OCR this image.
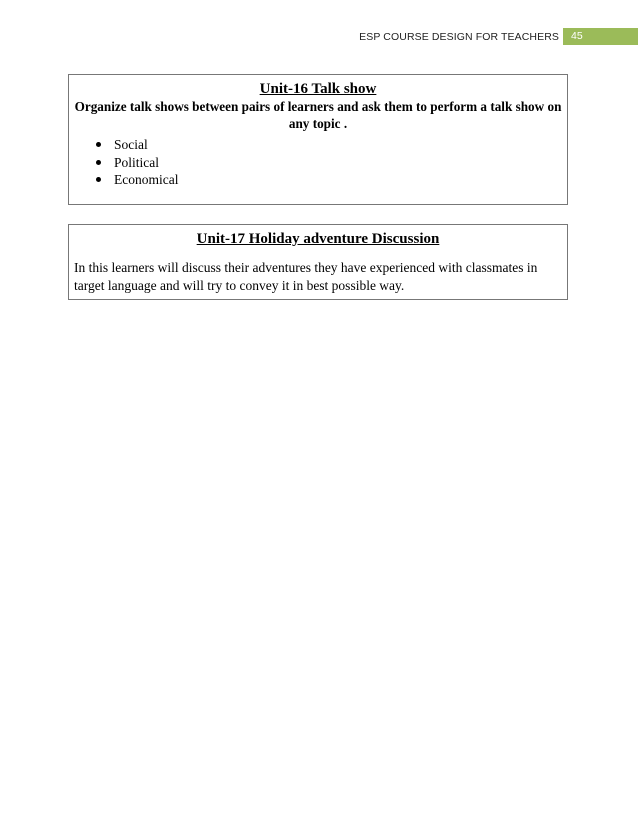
ESP COURSE DESIGN FOR TEACHERS	45
Unit-16 Talk show

Organize talk shows between pairs of learners and ask them to perform a talk show on any topic .

Social
Political
Economical
Unit-17 Holiday adventure Discussion

In this learners will discuss their adventures they have experienced with classmates in target language and will try to convey it in best possible way.
